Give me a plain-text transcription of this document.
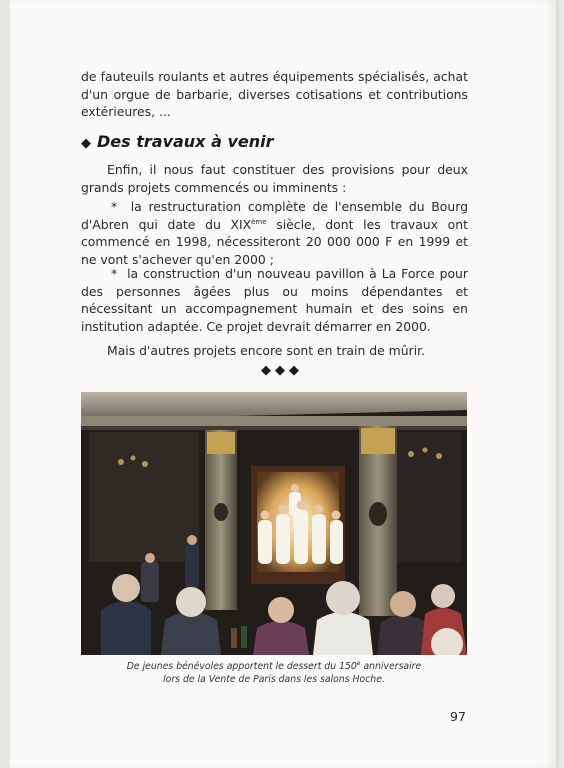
de fauteuils roulants et autres équipements spécialisés, achat d'un orgue de barbarie, diverses cotisations et contributions extérieures, ...

◆ Des travaux à venir

Enfin, il nous faut constituer des provisions pour deux grands projets commencés ou imminents :

* la restructuration complète de l'ensemble du Bourg d'Abren qui date du XIXème siècle, dont les travaux ont commencé en 1998, nécessiteront 20 000 000 F en 1999 et ne vont s'achever qu'en 2000 ;

* la construction d'un nouveau pavillon à La Force pour des personnes âgées plus ou moins dépendantes et nécessitant un accompagnement humain et des soins en institution adaptée. Ce projet devrait démarrer en 2000.

Mais d'autres projets encore sont en train de mûrir.

◆◆◆
De jeunes bénévoles apportent le dessert du 150e anniversaire
lors de la Vente de Paris dans les salons Hoche.
97
